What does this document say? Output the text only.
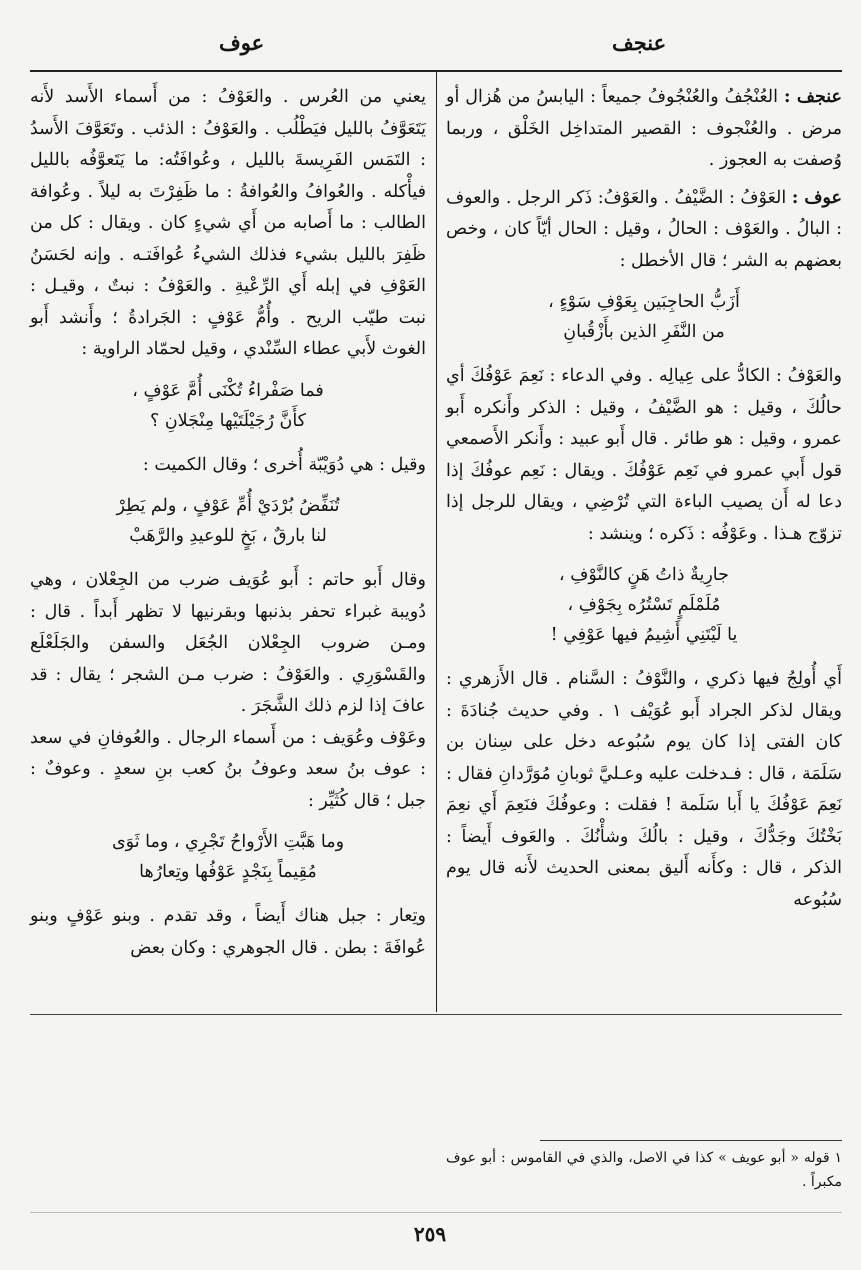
عنجف
عوف

عنجف : العُنْجُفُ والعُنْجُوفُ جميعاً : اليابسُ من هُزال أو مرض . والعُنْجوف : القصير المتداخِل الخَلْق ، وربما وُصفت به العجوز .

عوف : العَوْفُ : الضَّيْفُ . والعَوْفُ: ذَكر الرجل . والعوف : البالُ . والعَوْف : الحالُ ، وقيل : الحال أيّاً كان ، وخص بعضهم به الشر ؛ قال الأخطل :

أَزَبُّ الحاجِبَين بِعَوْفِ سَوْءٍ ،
من النَّفَرِ الذين بأَزْقُبانِ

والعَوْفُ : الكادُّ على عِيالِه . وفي الدعاء : نَعِمَ عَوْفُكَ أي حالُكَ ، وقيل : هو الضَّيْفُ ، وقيل : الذكر وأَنكره أَبو عمرو ، وقيل : هو طائر . قال أَبو عبيد : وأَنكر الأَصمعي قول أَبي عمرو في نَعِم عَوْفُكَ . ويقال : نَعِم عوفُكَ إذا دعا له أَن يصيب الباءة التي تُرْضِي ، ويقال للرجل إذا تزوّج هـذا . وعَوْفُه : ذَكره ؛ وينشد :

جارِيةٌ ذاتُ هَنٍ كالنَّوْفِ ،
مُلَمْلَمٍ تَسْتُرُه بِجَوْفِ ،
يا لَيْتَنِي أَشِيمُ فيها عَوْفِي !

أَي أُولِجُ فيها ذكري ، والنَّوْفُ : السَّنام . قال الأَزهري : ويقال لذكر الجراد أَبو عُوَيْف ١ . وفي حديث جُنادَةَ : كان الفتى إذا كان يوم سُبُوعه دخل على سِنان بن سَلَمَة ، قال : فـدخلت عليه وعـليَّ ثوبانِ مُوَرَّدانِ فقال : نَعِمَ عَوْفُكَ يا أَبا سَلَمة ! فقلت : وعوفُكَ فنَعِمَ أَي نعِمَ بَخْتُكَ وجَدُّكَ ، وقيل : بالُكَ وشأْنُكَ . والعَوف أَيضاً : الذكر ، قال : وكأَنه أَليق بمعنى الحديث لأَنه قال يوم سُبُوعه

١ قوله « أبو عويف » كذا في الاصل، والذي في القاموس : أبو عوف مكبراً .

يعني من العُرس . والعَوْفُ : من أَسماء الأَسد لأَنه يَتَعَوَّفُ بالليل فيَطْلُب . والعَوْفُ : الذئب . وتَعَوَّفَ الأَسدُ : التَمَس الفَرِيسةَ بالليل ، وعُوافَتُه: ما يَتَعوَّفُه بالليل فيأْكله . والعُوافُ والعُوافةُ : ما ظَفِرْتَ به ليلاً . وعُوافة الطالب : ما أَصابه من أَي شيءٍ كان . ويقال : كل من ظَفِرَ بالليل بشيء فذلك الشيءُ عُوافَتـه . وإنه لحَسَنُ العَوْفِ في إبله أَي الرِّعْيةِ . والعَوْفُ : نبتٌ ، وقيـل : نبت طيّب الريح . وأُمُّ عَوْفٍ : الجَرادةُ ؛ وأَنشد أَبو الغوث لأَبي عطاء السِّنْدي ، وقيل لحمّاد الراوية :

فما صَفْراءُ تُكْنَى أُمَّ عَوْفٍ ،
كأَنَّ رُجَيْلَتَيْها مِنْجَلانِ ؟

وقيل : هي دُوَيْبّة أُخرى ؛ وقال الكميت :

تُنَفِّضُ بُرْدَيْ أُمِّ عَوْفٍ ، ولم يَطِرْ
لنا بارقٌ ، بَخٍ للوعيدِ والرَّهَبْ

وقال أَبو حاتم : أَبو عُوَيف ضرب من الجِعْلان ، وهي دُويبة غبراء تحفر بذنبها وبقرنيها لا تظهر أَبداً . قال : ومـن ضروب الجِعْلان الجُعَل والسفن والجَلَعْلَع والقَسْوَرِي . والعَوْفُ : ضرب مـن الشجر ؛ يقال : قد عافَ إذا لزم ذلك الشَّجَرَ .

وعَوْف وعُوَيف : من أَسماء الرجال . والعُوفانِ في سعد : عوف بنُ سعد وعوفُ بنُ كعب بنِ سعدٍ . وعوفٌ : جبل ؛ قال كُثَيِّر :

وما هَبَّتِ الأَرْواحُ تَجْرِي ، وما ثَوَى
مُقِيماً بِنَجْدٍ عَوْفُها وتِعارُها

وتِعار : جبل هناك أَيضاً ، وقد تقدم . وبنو عَوْفٍ وبنو عُوافَةَ : بطن . قال الجوهري : وكان بعض

٢٥٩
